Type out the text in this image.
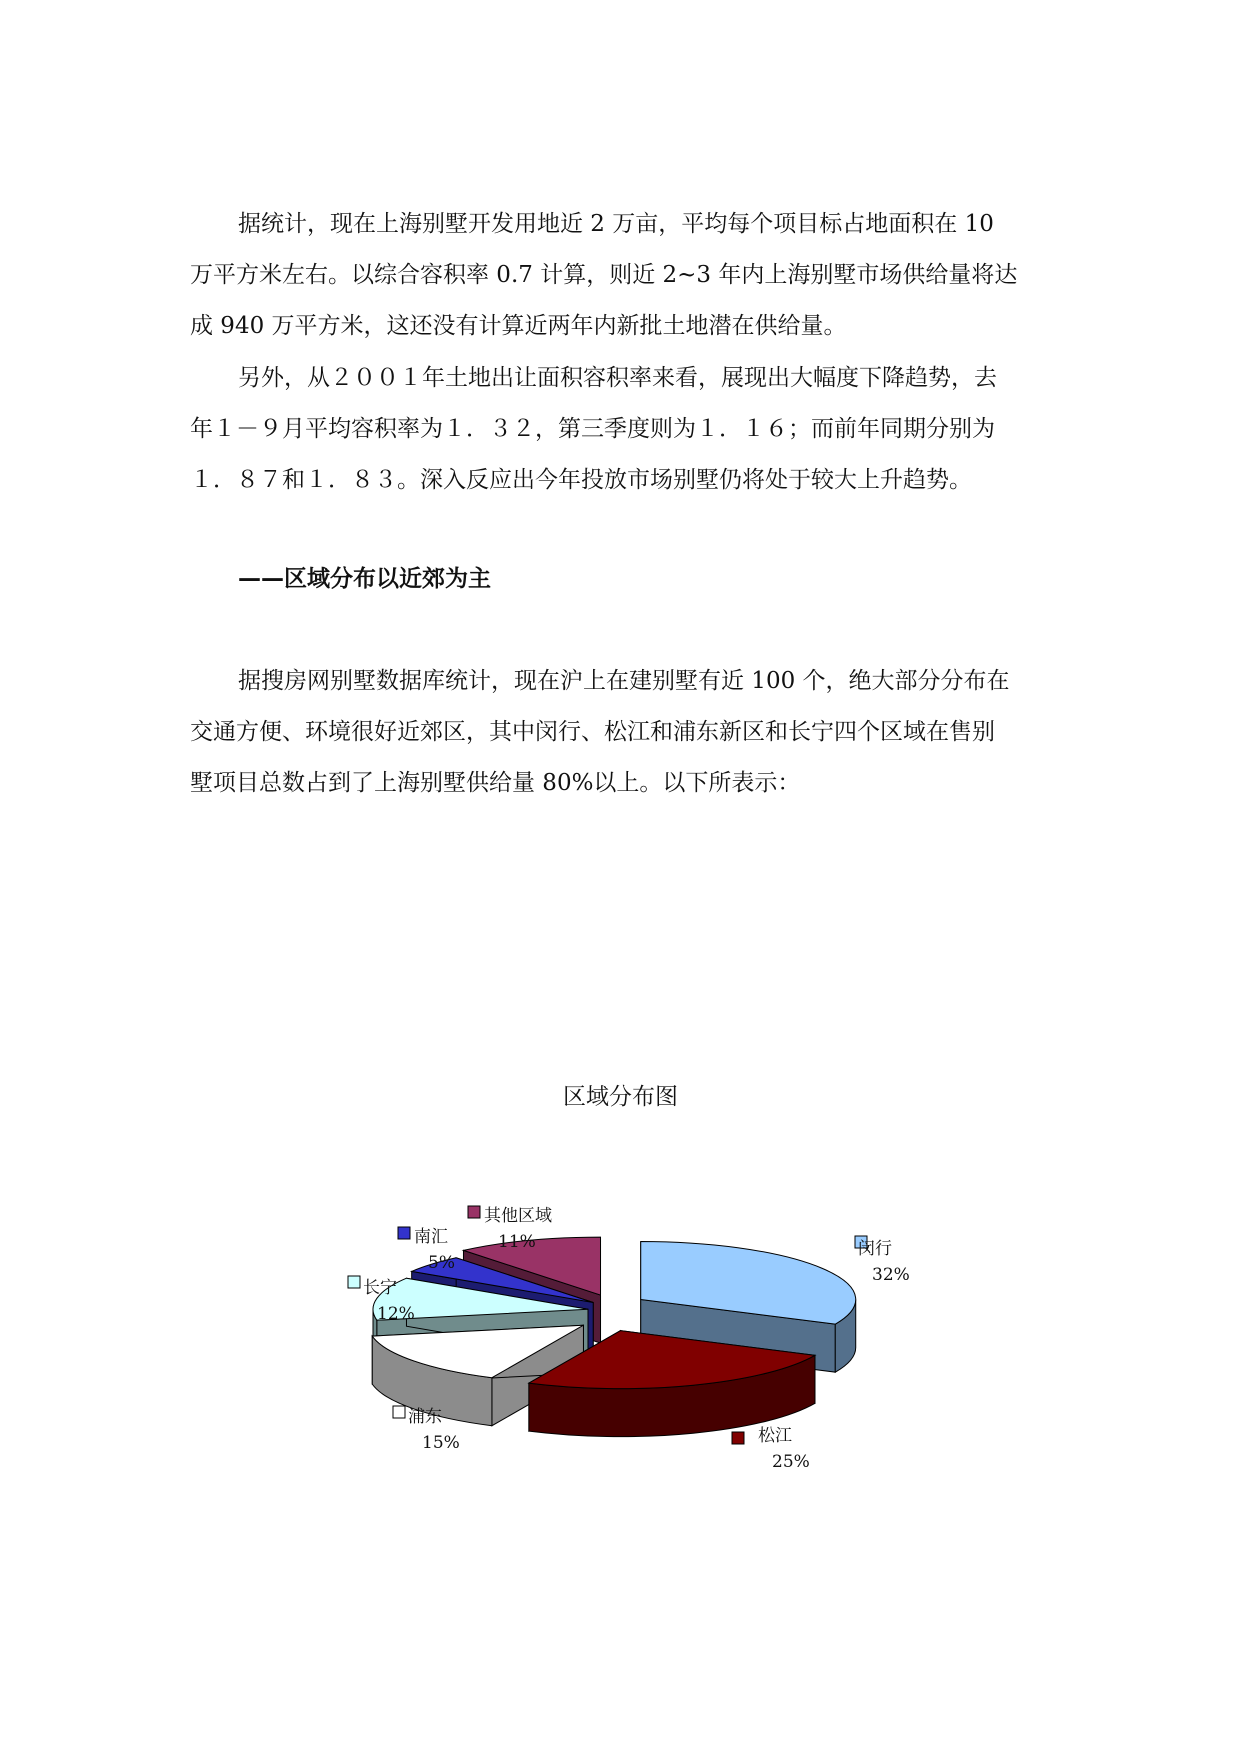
据统计，现在上海别墅开发用地近 2 万亩，平均每个项目标占地面积在 10
万平方米左右。以综合容积率 0.7 计算，则近 2~3 年内上海别墅市场供给量将达
成 940 万平方米，这还没有计算近两年内新批土地潜在供给量。

另外，从２００１年土地出让面积容积率来看，展现出大幅度下降趋势，去
年１－９月平均容积率为１．３２，第三季度则为１．１６；而前年同期分别为
１．８７和１．８３。深入反应出今年投放市场别墅仍将处于较大上升趋势。

——区域分布以近郊为主

据搜房网别墅数据库统计，现在沪上在建别墅有近 100 个，绝大部分分布在
交通方便、环境很好近郊区，其中闵行、松江和浦东新区和长宁四个区域在售别
墅项目总数占到了上海别墅供给量 80%以上。以下所表示：

区域分布图

闵行
32%
松江
25%
浦东
15%
长宁
12%
南汇
5%
其他区域
11%
